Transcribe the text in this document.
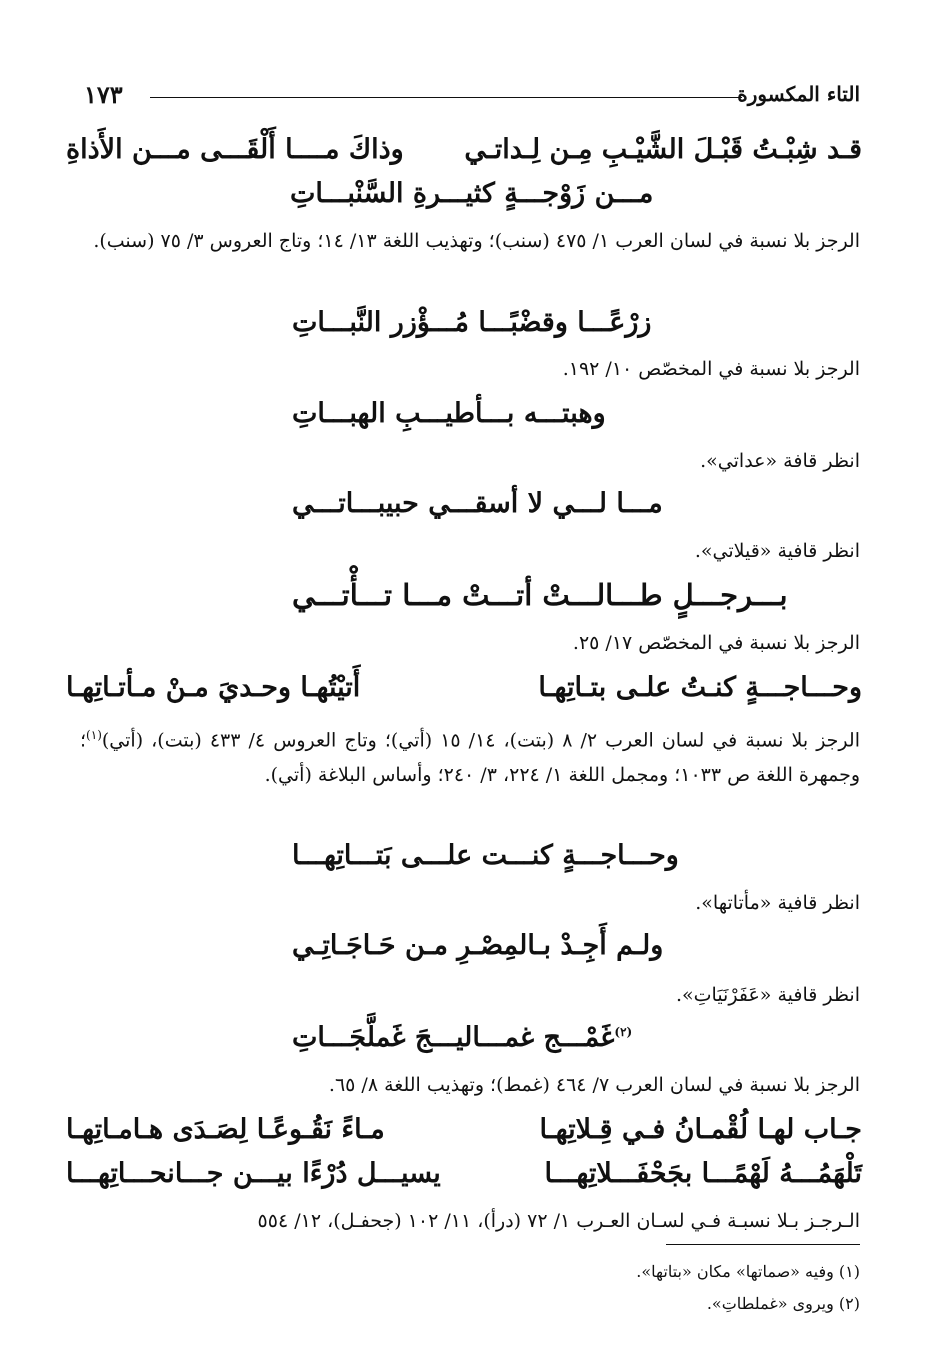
التاء المكسورة
١٧٣
قـد شِبْـتُ قَبْـلَ الشَّيْـبِ مِـن لِـداتـي
وذاكَ مــــا أَلْقَـــى مـــن الأَذاةِ
مـــن زَوْجـــةٍ كثيـــرةِ السَّنْبـــاتِ
الرجز بلا نسبة في لسان العرب ١/ ٤٧٥ (سنب)؛ وتهذيب اللغة ١٣/ ١٤؛ وتاج العروس ٣/ ٧٥ (سنب).
زرْعًـــا وقضْبًـــا مُـــؤْزر النَّبـــاتِ
الرجز بلا نسبة في المخصّص ١٠/ ١٩٢.
وهبتـــه بـــأطيـــبِ الهبـــاتِ
انظر قافة «عداتي».
مـــا لـــي لا أسقـــي حبيبـــاتـــي
انظر قافية «قيلاتي».
بـــرجـــلٍ طـــالـــتْ أتـــتْ مـــا تـــأْتـــي
الرجز بلا نسبة في المخصّص ١٧/ ٢٥.
وحـــاجـــةٍ كنـتُ علـى بتـاتِهـا
أَتيْتُهـا وحـديَ مـنْ مـأتـاتِهـا
الرجز بلا نسبة في لسان العرب ٢/ ٨ (بتت)، ١٤/ ١٥ (أتي)؛ وتاج العروس ٤/ ٤٣٣ (بتت)، (أتي)$^{(١)}$؛ وجمهرة اللغة ص ١٠٣٣؛ ومجمل اللغة ١/ ٢٢٤، ٣/ ٢٤٠؛ وأساس البلاغة (أتي).
وحـــاجـــةٍ كنـــت علـــى بَتـــاتِهـــا
انظر قافية «مأتاتها».
ولـم أَجِـدْ بـالمِصْـرِ مـن حَـاجَـاتِـي
انظر قافية «عَفَرْنَيَاتِ».
$^{(٢)}$غَمْـــج غمـــاليـــجَ غَملَّجَـــاتِ
الرجز بلا نسبة في لسان العرب ٧/ ٤٦٤ (غمط)؛ وتهذيب اللغة ٨/ ٦٥.
جـاب لهـا لُقْمـانُ فـي قِـلاتِهـا
مـاءً نَقُـوعًـا لِصَـدَى هـامـاتِهـا
تَلْهَمُـــهُ لَهْمًـــا بجَحْفَـــلاتِهـــا
يسيـــل دُرْءًا بيـــن جـــانحـــاتِهـــا
الـرجـز بـلا نسبـة فـي لسـان العـرب ١/ ٧٢ (درأ)، ١١/ ١٠٢ (جحفـل)، ١٢/ ٥٥٤
(١) وفيه «صماتها» مكان «بتاتها».
(٢) ويروى «غملطاتِ».
